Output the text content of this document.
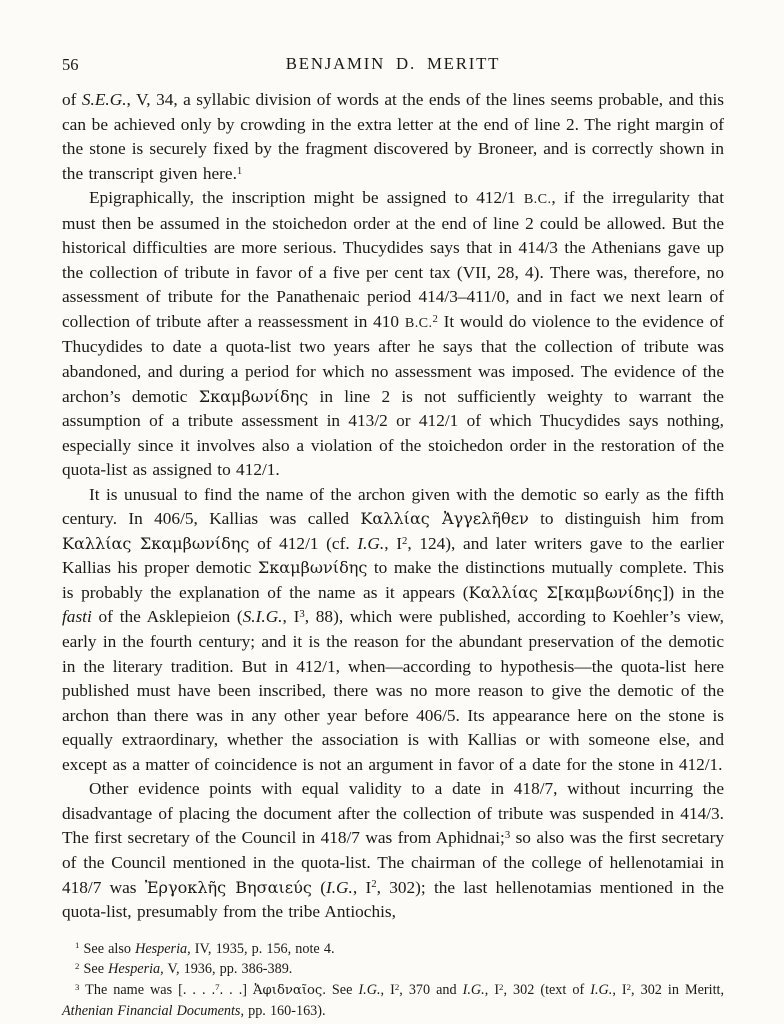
56	BENJAMIN D. MERITT

of S.E.G., V, 34, a syllabic division of words at the ends of the lines seems probable, and this can be achieved only by crowding in the extra letter at the end of line 2. The right margin of the stone is securely fixed by the fragment discovered by Broneer, and is correctly shown in the transcript given here.$^1$

Epigraphically, the inscription might be assigned to 412/1 B.C., if the irregularity that must then be assumed in the stoichedon order at the end of line 2 could be allowed. But the historical difficulties are more serious. Thucydides says that in 414/3 the Athenians gave up the collection of tribute in favor of a five per cent tax (VII, 28, 4). There was, therefore, no assessment of tribute for the Panathenaic period 414/3–411/0, and in fact we next learn of collection of tribute after a reassessment in 410 B.C.$^2$ It would do violence to the evidence of Thucydides to date a quota-list two years after he says that the collection of tribute was abandoned, and during a period for which no assessment was imposed. The evidence of the archon’s demotic Σκαμβωνίδης in line 2 is not sufficiently weighty to warrant the assumption of a tribute assessment in 413/2 or 412/1 of which Thucydides says nothing, especially since it involves also a violation of the stoichedon order in the restoration of the quota-list as assigned to 412/1.

It is unusual to find the name of the archon given with the demotic so early as the fifth century. In 406/5, Kallias was called Καλλίας Ἀγγελῆθεν to distinguish him from Καλλίας Σκαμβωνίδης of 412/1 (cf. I.G., $I^2$, 124), and later writers gave to the earlier Kallias his proper demotic Σκαμβωνίδης to make the distinctions mutually complete. This is probably the explanation of the name as it appears (Καλλίας Σ[καμβωνίδης]) in the fasti of the Asklepieion (S.I.G., $I^3$, 88), which were published, according to Koehler’s view, early in the fourth century; and it is the reason for the abundant preservation of the demotic in the literary tradition. But in 412/1, when—according to hypothesis—the quota-list here published must have been inscribed, there was no more reason to give the demotic of the archon than there was in any other year before 406/5. Its appearance here on the stone is equally extraordinary, whether the association is with Kallias or with someone else, and except as a matter of coincidence is not an argument in favor of a date for the stone in 412/1.

Other evidence points with equal validity to a date in 418/7, without incurring the disadvantage of placing the document after the collection of tribute was suspended in 414/3. The first secretary of the Council in 418/7 was from Aphidnai;$^3$ so also was the first secretary of the Council mentioned in the quota-list. The chairman of the college of hellenotamiai in 418/7 was Ἐργοκλῆς Βησαιεύς (I.G., $I^2$, 302); the last hellenotamias mentioned in the quota-list, presumably from the tribe Antiochis,

$^1$ See also Hesperia, IV, 1935, p. 156, note 4.

$^2$ See Hesperia, V, 1936, pp. 386-389.

$^3$ The name was [. . . .$^7$. . .] Ἀφιδναῖος. See I.G., $I^2$, 370 and I.G., $I^2$, 302 (text of I.G., $I^2$, 302 in Meritt, Athenian Financial Documents, pp. 160-163).
